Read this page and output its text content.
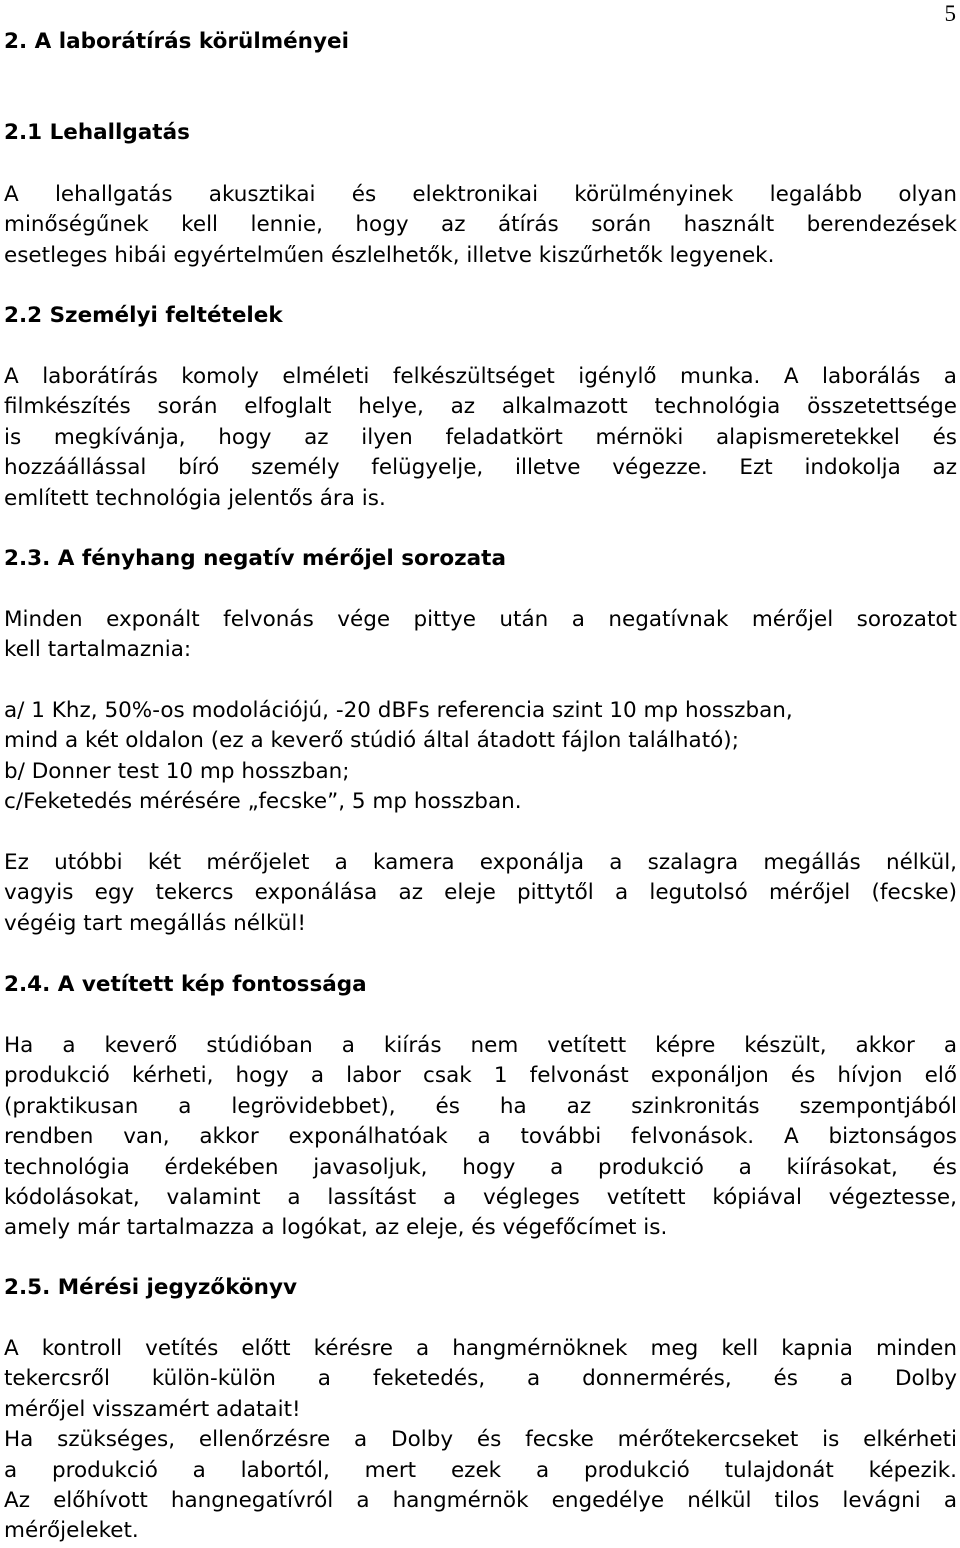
5
2. A laborátírás körülményei
2.1 Lehallgatás
A lehallgatás akusztikai és elektronikai körülményinek legalább olyan
minőségűnek kell lennie, hogy az átírás során használt berendezések
esetleges hibái egyértelműen észlelhetők, illetve kiszűrhetők legyenek.
2.2 Személyi feltételek
A laborátírás komoly elméleti felkészültséget igénylő munka. A laborálás a
filmkészítés során elfoglalt helye, az alkalmazott technológia összetettsége
is megkívánja, hogy az ilyen feladatkört mérnöki alapismeretekkel és
hozzáállással bíró személy felügyelje, illetve végezze. Ezt indokolja az
említett technológia jelentős ára is.
2.3. A fényhang negatív mérőjel sorozata
Minden exponált felvonás vége pittye után a negatívnak mérőjel sorozatot
kell tartalmaznia:
a/ 1 Khz, 50%-os modolációjú, -20 dBFs referencia szint 10 mp hosszban,
mind a két oldalon (ez a keverő stúdió által átadott fájlon található);
b/ Donner test 10 mp hosszban;
c/Feketedés mérésére „fecske”, 5 mp hosszban.
Ez utóbbi két mérőjelet a kamera exponálja a szalagra megállás nélkül,
vagyis egy tekercs exponálása az eleje pittytől a legutolsó mérőjel (fecske)
végéig tart megállás nélkül!
2.4. A vetített kép fontossága
Ha a keverő stúdióban a kiírás nem vetített képre készült, akkor a
produkció kérheti, hogy a labor csak 1 felvonást exponáljon és hívjon elő
(praktikusan a legrövidebbet), és ha az szinkronitás szempontjából
rendben van, akkor exponálhatóak a további felvonások. A biztonságos
technológia érdekében javasoljuk, hogy a produkció a kiírásokat, és
kódolásokat, valamint a lassítást a végleges vetített kópiával végeztesse,
amely már tartalmazza a logókat, az eleje, és végefőcímet is.
2.5. Mérési jegyzőkönyv
A kontroll vetítés előtt kérésre a hangmérnöknek meg kell kapnia minden
tekercsről külön-külön a feketedés, a donnermérés, és a Dolby
mérőjel visszamért adatait!
Ha szükséges, ellenőrzésre a Dolby és fecske mérőtekercseket is elkérheti
a produkció a labortól, mert ezek a produkció tulajdonát képezik.
Az előhívott hangnegatívról a hangmérnök engedélye nélkül tilos levágni a
mérőjeleket.
